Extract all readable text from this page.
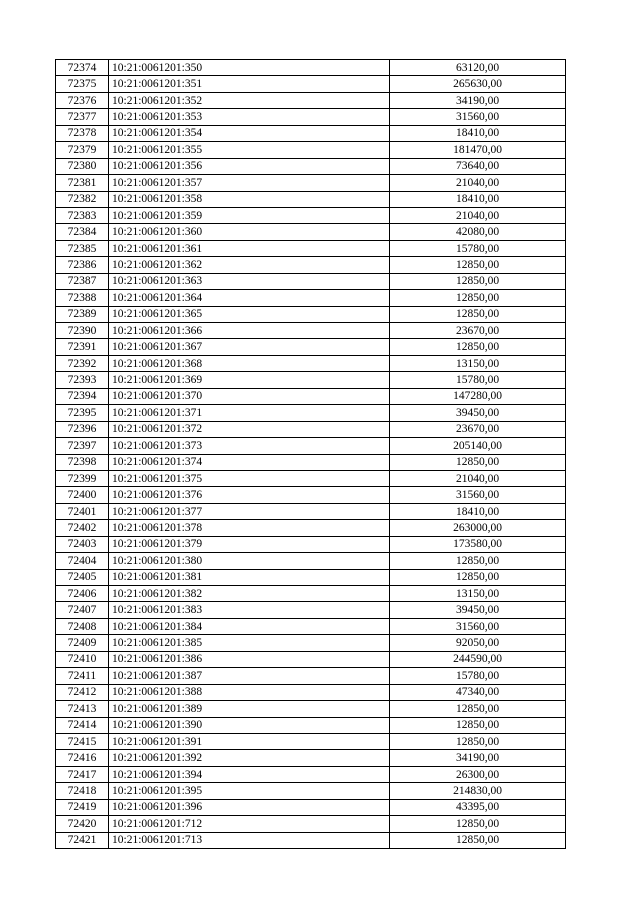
72374	10:21:0061201:350	63120,00
72375	10:21:0061201:351	265630,00
72376	10:21:0061201:352	34190,00
72377	10:21:0061201:353	31560,00
72378	10:21:0061201:354	18410,00
72379	10:21:0061201:355	181470,00
72380	10:21:0061201:356	73640,00
72381	10:21:0061201:357	21040,00
72382	10:21:0061201:358	18410,00
72383	10:21:0061201:359	21040,00
72384	10:21:0061201:360	42080,00
72385	10:21:0061201:361	15780,00
72386	10:21:0061201:362	12850,00
72387	10:21:0061201:363	12850,00
72388	10:21:0061201:364	12850,00
72389	10:21:0061201:365	12850,00
72390	10:21:0061201:366	23670,00
72391	10:21:0061201:367	12850,00
72392	10:21:0061201:368	13150,00
72393	10:21:0061201:369	15780,00
72394	10:21:0061201:370	147280,00
72395	10:21:0061201:371	39450,00
72396	10:21:0061201:372	23670,00
72397	10:21:0061201:373	205140,00
72398	10:21:0061201:374	12850,00
72399	10:21:0061201:375	21040,00
72400	10:21:0061201:376	31560,00
72401	10:21:0061201:377	18410,00
72402	10:21:0061201:378	263000,00
72403	10:21:0061201:379	173580,00
72404	10:21:0061201:380	12850,00
72405	10:21:0061201:381	12850,00
72406	10:21:0061201:382	13150,00
72407	10:21:0061201:383	39450,00
72408	10:21:0061201:384	31560,00
72409	10:21:0061201:385	92050,00
72410	10:21:0061201:386	244590,00
72411	10:21:0061201:387	15780,00
72412	10:21:0061201:388	47340,00
72413	10:21:0061201:389	12850,00
72414	10:21:0061201:390	12850,00
72415	10:21:0061201:391	12850,00
72416	10:21:0061201:392	34190,00
72417	10:21:0061201:394	26300,00
72418	10:21:0061201:395	214830,00
72419	10:21:0061201:396	43395,00
72420	10:21:0061201:712	12850,00
72421	10:21:0061201:713	12850,00
